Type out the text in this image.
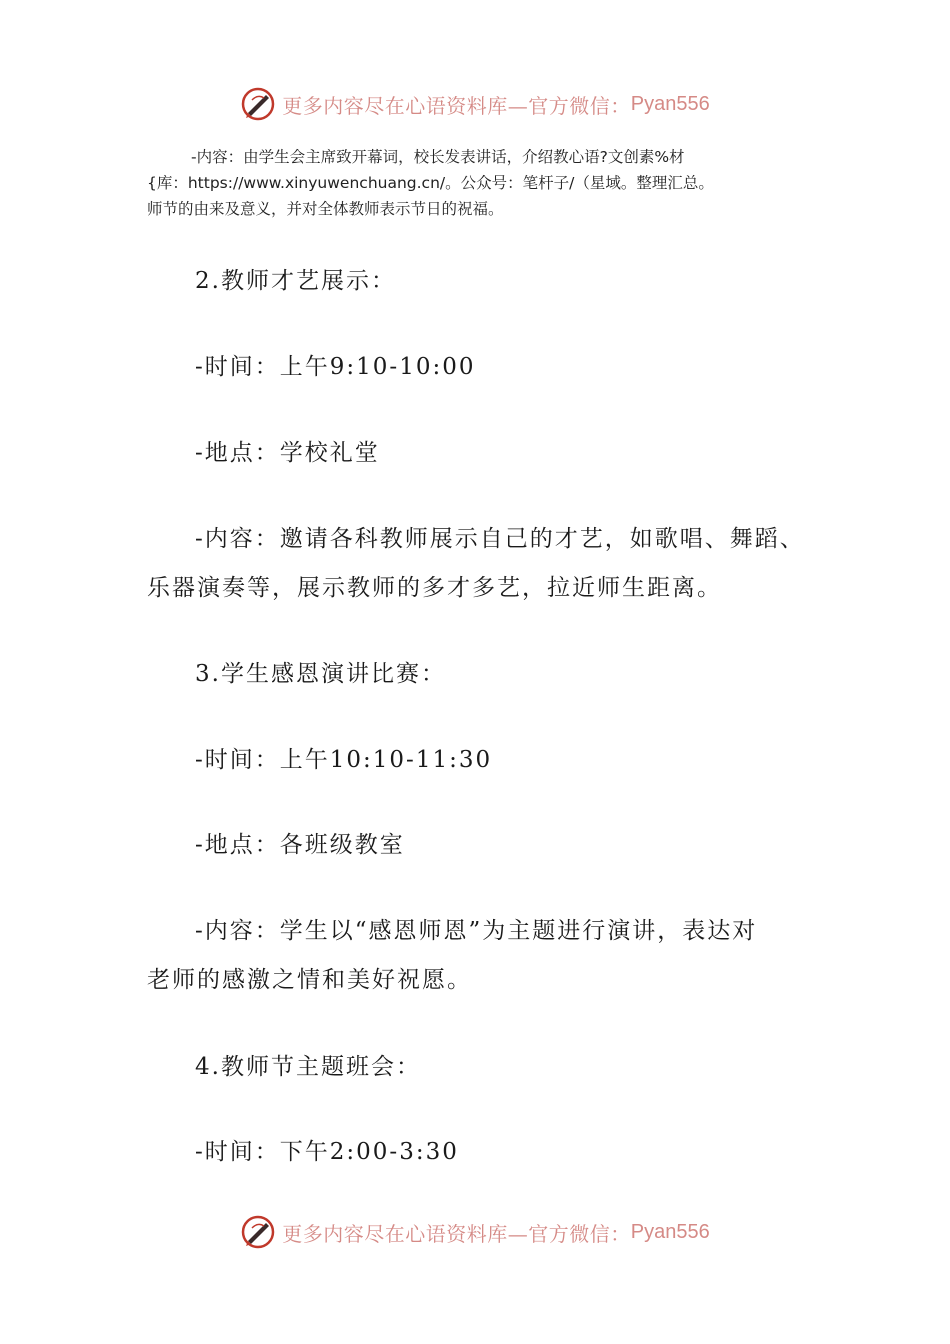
更多内容尽在心语资料库—官方微信： Pyan556

-内容：由学生会主席致开幕词，校长发表讲话，介绍教心语?文创素%材

{库：https://www.xinyuwenchuang.cn/。公众号：笔杆子/（星域。整理汇总。

师节的由来及意义，并对全体教师表示节日的祝福。

2.教师才艺展示：

-时间：上午9:10-10:00

-地点：学校礼堂

-内容：邀请各科教师展示自己的才艺，如歌唱、舞蹈、

乐器演奏等，展示教师的多才多艺，拉近师生距离。

3.学生感恩演讲比赛：

-时间：上午10:10-11:30

-地点：各班级教室

-内容：学生以“感恩师恩”为主题进行演讲，表达对

老师的感激之情和美好祝愿。

4.教师节主题班会：

-时间：下午2:00-3:30

更多内容尽在心语资料库—官方微信： Pyan556
